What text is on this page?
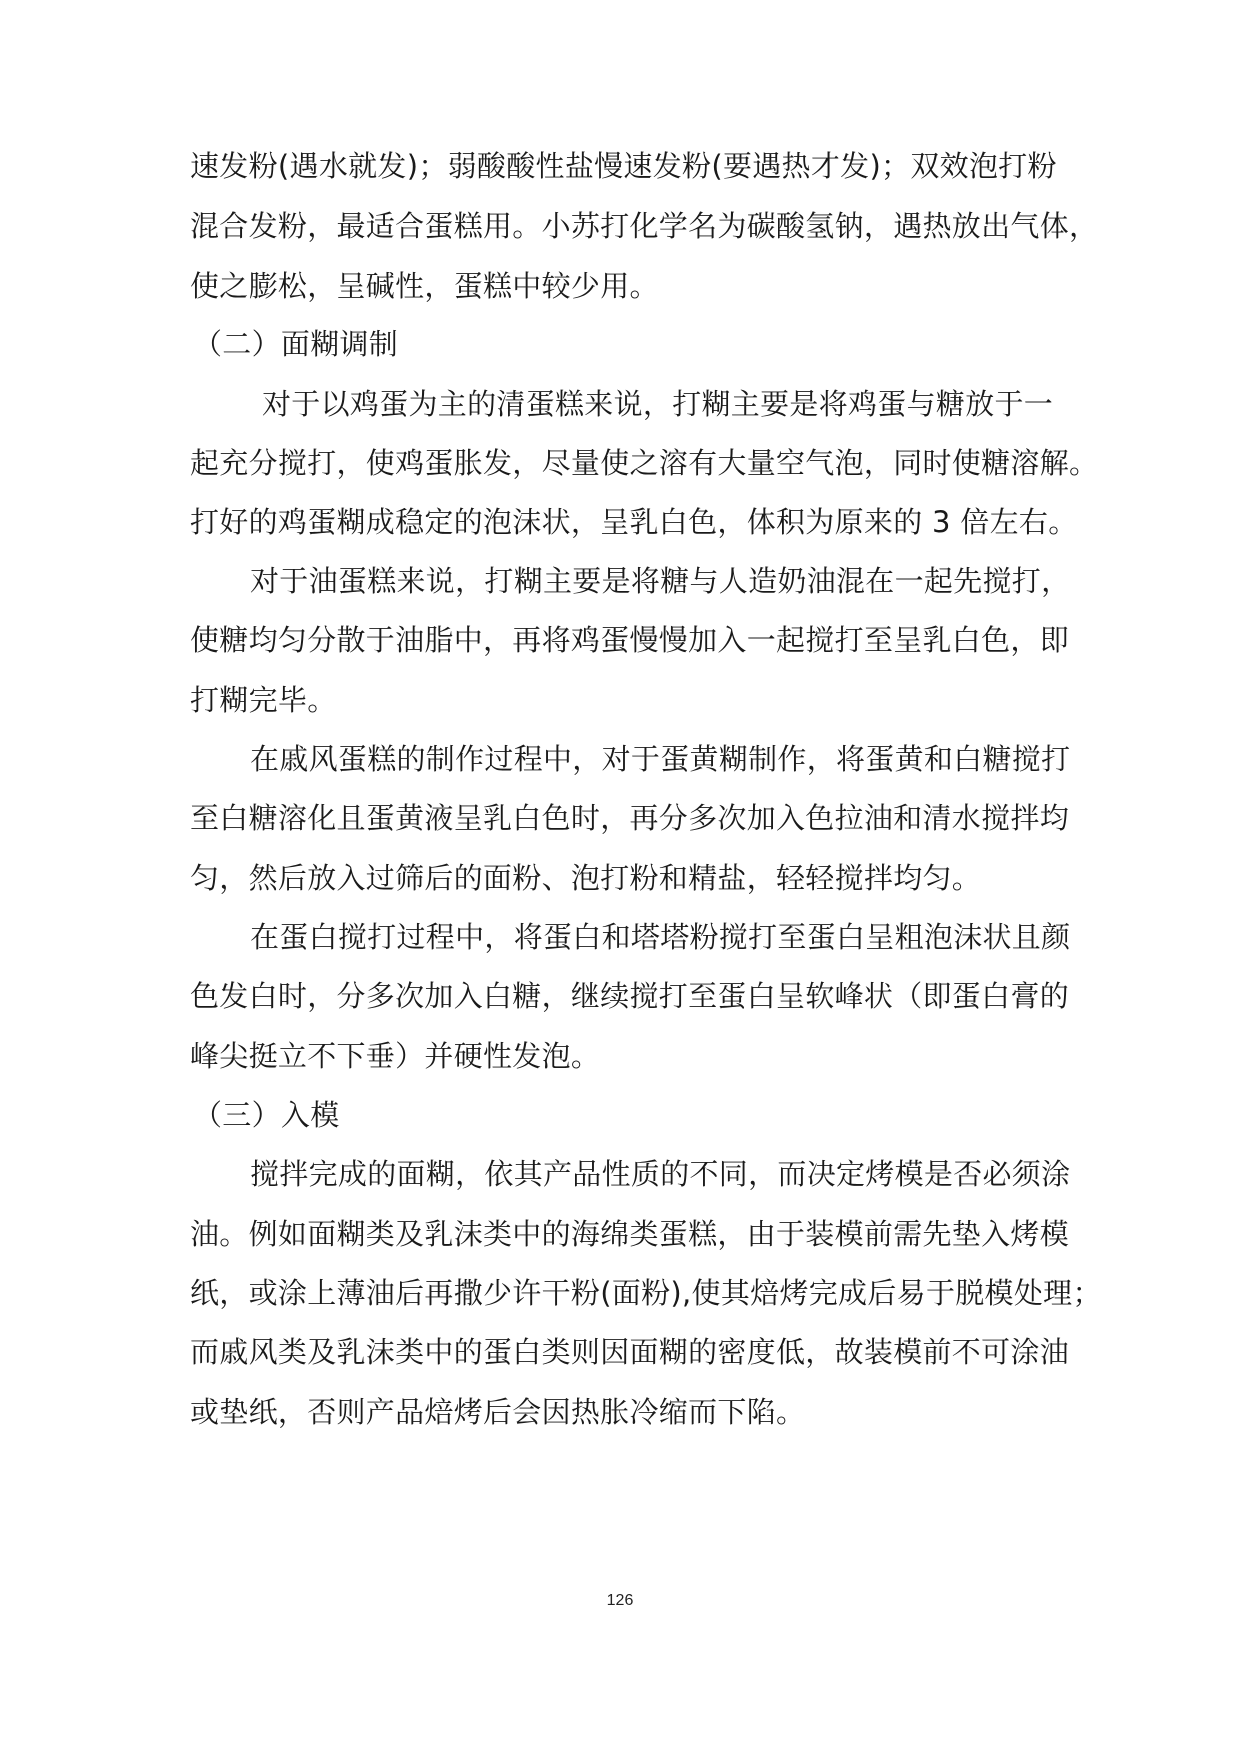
速发粉(遇水就发)；弱酸酸性盐慢速发粉(要遇热才发)；双效泡打粉
混合发粉，最适合蛋糕用。小苏打化学名为碳酸氢钠，遇热放出气体，
使之膨松，呈碱性，蛋糕中较少用。
（二）面糊调制
对于以鸡蛋为主的清蛋糕来说，打糊主要是将鸡蛋与糖放于一
起充分搅打，使鸡蛋胀发，尽量使之溶有大量空气泡，同时使糖溶解。
打好的鸡蛋糊成稳定的泡沫状，呈乳白色，体积为原来的 3 倍左右。
对于油蛋糕来说，打糊主要是将糖与人造奶油混在一起先搅打，
使糖均匀分散于油脂中，再将鸡蛋慢慢加入一起搅打至呈乳白色，即
打糊完毕。
在戚风蛋糕的制作过程中，对于蛋黄糊制作，将蛋黄和白糖搅打
至白糖溶化且蛋黄液呈乳白色时，再分多次加入色拉油和清水搅拌均
匀，然后放入过筛后的面粉、泡打粉和精盐，轻轻搅拌均匀。
在蛋白搅打过程中，将蛋白和塔塔粉搅打至蛋白呈粗泡沫状且颜
色发白时，分多次加入白糖，继续搅打至蛋白呈软峰状（即蛋白膏的
峰尖挺立不下垂）并硬性发泡。
（三）入模
搅拌完成的面糊，依其产品性质的不同，而决定烤模是否必须涂
油。例如面糊类及乳沫类中的海绵类蛋糕，由于装模前需先垫入烤模
纸，或涂上薄油后再撒少许干粉(面粉),使其焙烤完成后易于脱模处理；
而戚风类及乳沫类中的蛋白类则因面糊的密度低，故装模前不可涂油
或垫纸，否则产品焙烤后会因热胀冷缩而下陷。
126
